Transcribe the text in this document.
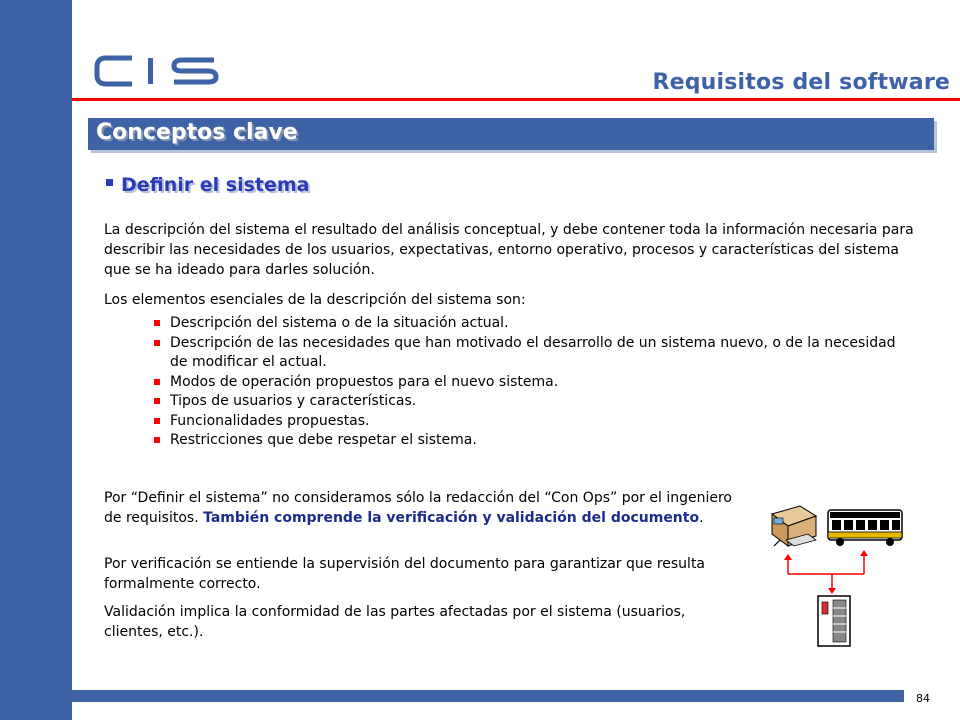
Requisitos del software
Conceptos clave
Definir el sistema
La descripción del sistema el resultado del análisis conceptual, y debe contener toda la información necesaria para describir las necesidades de los usuarios, expectativas, entorno operativo, procesos y características del sistema que se ha ideado para darles solución.
Los elementos esenciales de la descripción del sistema son:
Descripción del sistema o de la situación actual.
Descripción de las necesidades que han motivado el desarrollo de un sistema nuevo, o de la necesidad de modificar el actual.
Modos de operación propuestos para el nuevo sistema.
Tipos de usuarios y características.
Funcionalidades propuestas.
Restricciones que debe respetar el sistema.
Por “Definir el sistema” no consideramos sólo la redacción del “Con Ops” por el ingeniero de requisitos. También comprende la verificación y validación del documento.
Por verificación se entiende la supervisión del documento para garantizar que resulta formalmente correcto.
Validación implica la conformidad de las partes afectadas por el sistema (usuarios, clientes, etc.).
84
